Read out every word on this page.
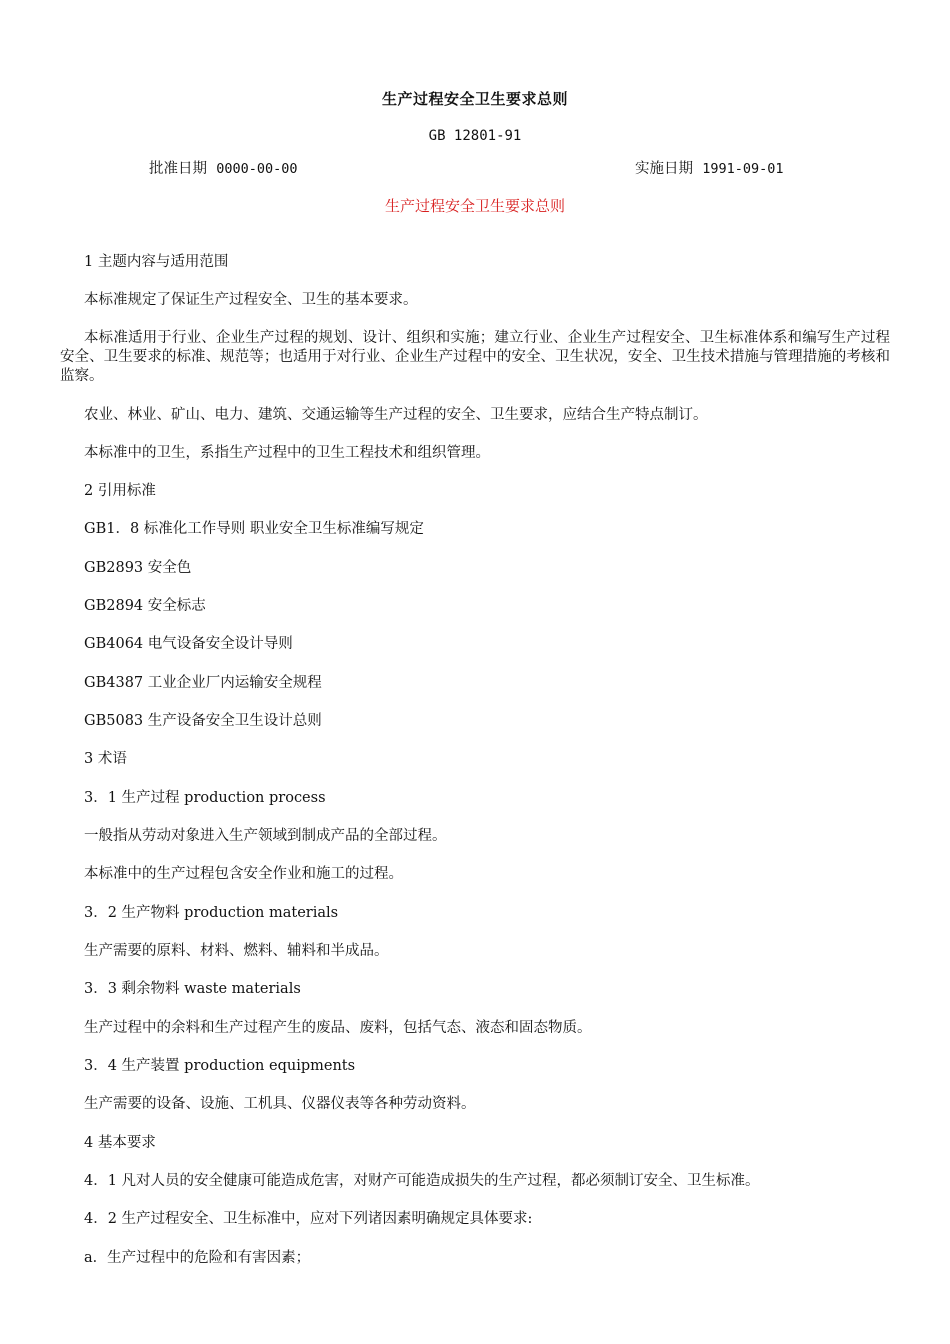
生产过程安全卫生要求总则
GB 12801-91
批准日期 0000-00-00	实施日期 1991-09-01
生产过程安全卫生要求总则
1 主题内容与适用范围
本标准规定了保证生产过程安全、卫生的基本要求。
本标准适用于行业、企业生产过程的规划、设计、组织和实施；建立行业、企业生产过程安全、卫生标准体系和编写生产过程安全、卫生要求的标准、规范等；也适用于对行业、企业生产过程中的安全、卫生状况，安全、卫生技术措施与管理措施的考核和监察。
农业、林业、矿山、电力、建筑、交通运输等生产过程的安全、卫生要求，应结合生产特点制订。
本标准中的卫生，系指生产过程中的卫生工程技术和组织管理。
2 引用标准
GB1．8 标准化工作导则 职业安全卫生标准编写规定
GB2893 安全色
GB2894 安全标志
GB4064 电气设备安全设计导则
GB4387 工业企业厂内运输安全规程
GB5083 生产设备安全卫生设计总则
3 术语
3．1 生产过程 production process
一般指从劳动对象进入生产领域到制成产品的全部过程。
本标准中的生产过程包含安全作业和施工的过程。
3．2 生产物料 production materials
生产需要的原料、材料、燃料、辅料和半成品。
3．3 剩余物料 waste materials
生产过程中的余料和生产过程产生的废品、废料，包括气态、液态和固态物质。
3．4 生产装置 production equipments
生产需要的设备、设施、工机具、仪器仪表等各种劳动资料。
4 基本要求
4．1 凡对人员的安全健康可能造成危害，对财产可能造成损失的生产过程，都必须制订安全、卫生标准。
4．2 生产过程安全、卫生标准中，应对下列诸因素明确规定具体要求:
a．生产过程中的危险和有害因素；
